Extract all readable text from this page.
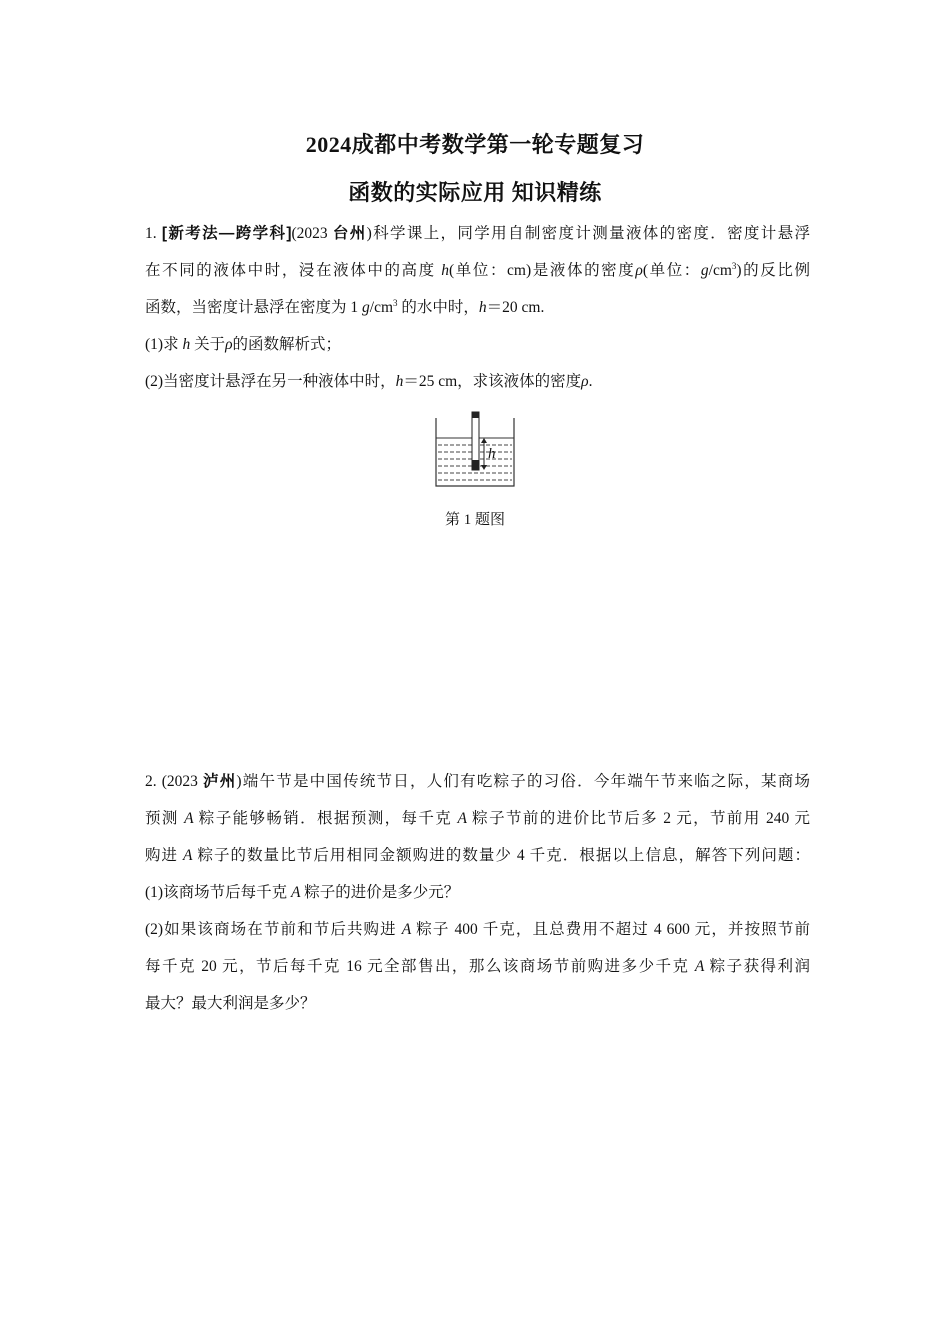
2024成都中考数学第一轮专题复习
函数的实际应用 知识精练
1. [新考法—跨学科](2023 台州)科学课上，同学用自制密度计测量液体的密度．密度计悬浮
在不同的液体中时，浸在液体中的高度 h(单位：cm)是液体的密度ρ(单位：$g/cm^3$)的反比例
函数，当密度计悬浮在密度为 1 $g/cm^3$ 的水中时，h＝20 cm.
(1)求 h 关于ρ的函数解析式；
(2)当密度计悬浮在另一种液体中时，h＝25 cm，求该液体的密度ρ.
h
第 1 题图
2. (2023 泸州)端午节是中国传统节日，人们有吃粽子的习俗．今年端午节来临之际，某商场
预测 A 粽子能够畅销．根据预测，每千克 A 粽子节前的进价比节后多 2 元，节前用 240 元
购进 A 粽子的数量比节后用相同金额购进的数量少 4 千克．根据以上信息，解答下列问题：
(1)该商场节后每千克 A 粽子的进价是多少元？
(2)如果该商场在节前和节后共购进 A 粽子 400 千克，且总费用不超过 4 600 元，并按照节前
每千克 20 元，节后每千克 16 元全部售出，那么该商场节前购进多少千克 A 粽子获得利润
最大？最大利润是多少？
